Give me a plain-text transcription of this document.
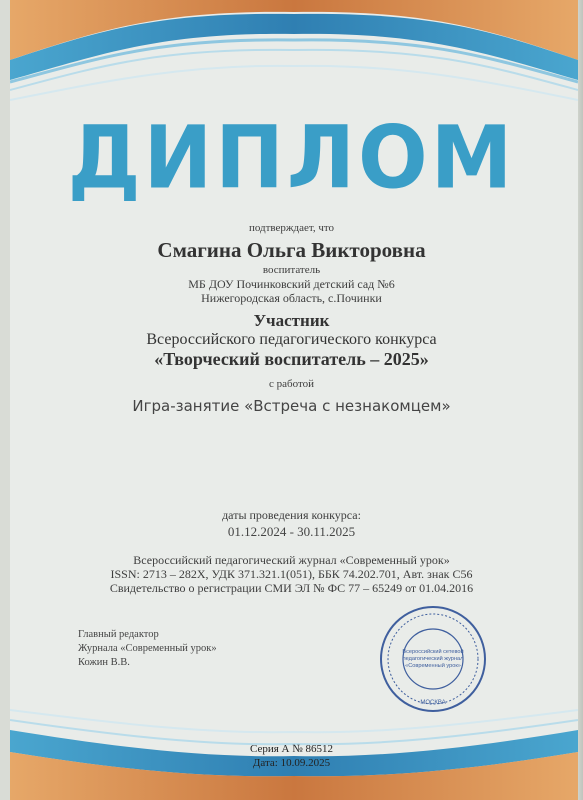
ДИПЛОМ
подтверждает, что
Смагина Ольга Викторовна
воспитатель
МБ ДОУ Починковский детский сад №6
Нижегородская область, с.Починки
Участник
Всероссийского педагогического конкурса
«Творческий воспитатель – 2025»
с работой
Игра-занятие «Встреча с незнакомцем»
даты проведения конкурса:
01.12.2024 - 30.11.2025
Всероссийский педагогический журнал «Современный урок»
ISSN: 2713 – 282X, УДК 371.321.1(051), ББК 74.202.701, Авт. знак С56
Свидетельство о регистрации СМИ ЭЛ № ФС 77 – 65249 от 01.04.2016
Главный редактор
Журнала «Современный урок»
Кожин В.В.
Всероссийский сетевой
педагогический журнал
«Современный урок»
МОСКВА
Серия А № 86512
Дата: 10.09.2025
